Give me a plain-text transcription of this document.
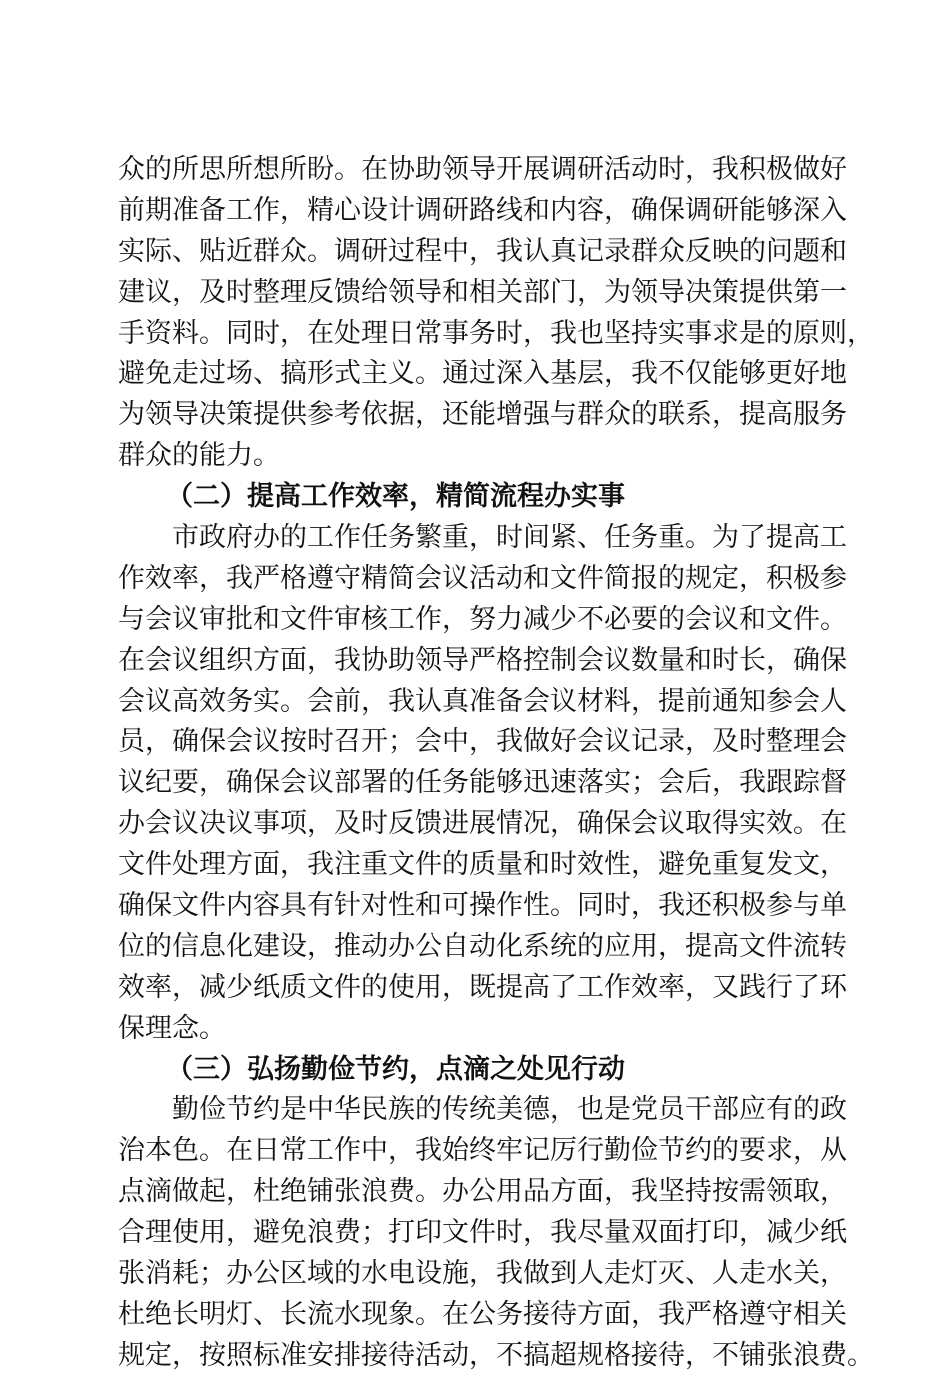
众的所思所想所盼。在协助领导开展调研活动时，我积极做好
前期准备工作，精心设计调研路线和内容，确保调研能够深入
实际、贴近群众。调研过程中，我认真记录群众反映的问题和
建议，及时整理反馈给领导和相关部门，为领导决策提供第一
手资料。同时，在处理日常事务时，我也坚持实事求是的原则，
避免走过场、搞形式主义。通过深入基层，我不仅能够更好地
为领导决策提供参考依据，还能增强与群众的联系，提高服务
群众的能力。
（二）提高工作效率，精简流程办实事
市政府办的工作任务繁重，时间紧、任务重。为了提高工
作效率，我严格遵守精简会议活动和文件简报的规定，积极参
与会议审批和文件审核工作，努力减少不必要的会议和文件。
在会议组织方面，我协助领导严格控制会议数量和时长，确保
会议高效务实。会前，我认真准备会议材料，提前通知参会人
员，确保会议按时召开；会中，我做好会议记录，及时整理会
议纪要，确保会议部署的任务能够迅速落实；会后，我跟踪督
办会议决议事项，及时反馈进展情况，确保会议取得实效。在
文件处理方面，我注重文件的质量和时效性，避免重复发文，
确保文件内容具有针对性和可操作性。同时，我还积极参与单
位的信息化建设，推动办公自动化系统的应用，提高文件流转
效率，减少纸质文件的使用，既提高了工作效率，又践行了环
保理念。
（三）弘扬勤俭节约，点滴之处见行动
勤俭节约是中华民族的传统美德，也是党员干部应有的政
治本色。在日常工作中，我始终牢记厉行勤俭节约的要求，从
点滴做起，杜绝铺张浪费。办公用品方面，我坚持按需领取，
合理使用，避免浪费；打印文件时，我尽量双面打印，减少纸
张消耗；办公区域的水电设施，我做到人走灯灭、人走水关，
杜绝长明灯、长流水现象。在公务接待方面，我严格遵守相关
规定，按照标准安排接待活动，不搞超规格接待，不铺张浪费。
